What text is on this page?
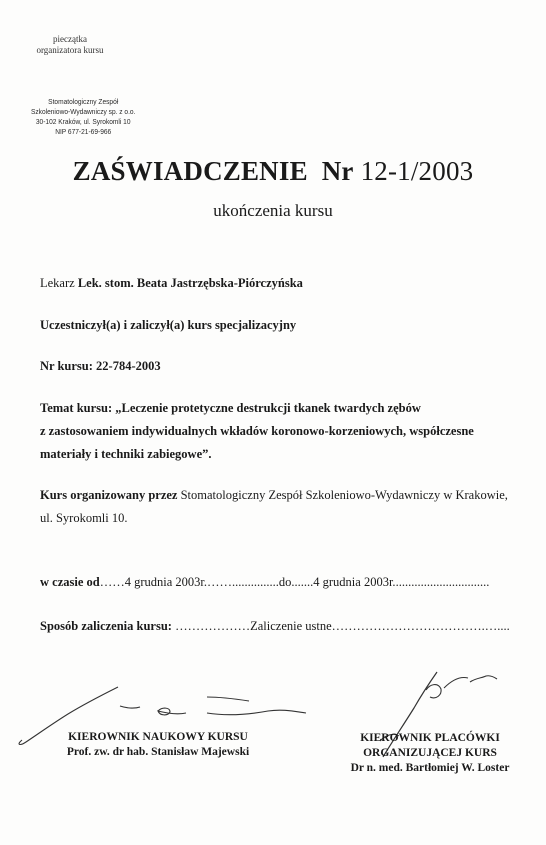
pieczątka
organizatora kursu
Stomatologiczny Zespół
Szkoleniowo-Wydawniczy sp. z o.o.
30-102 Kraków, ul. Syrokomli 10
NIP 677-21-69-966
ZAŚWIADCZENIE Nr 12-1/2003
ukończenia kursu
Lekarz Lek. stom. Beata Jastrzębska-Piórczyńska
Uczestniczył(a) i zaliczył(a) kurs specjalizacyjny
Nr kursu: 22-784-2003
Temat kursu: „Leczenie protetyczne destrukcji tkanek twardych zębów
z zastosowaniem indywidualnych wkładów koronowo-korzeniowych, współczesne
materiały i techniki zabiegowe”.
Kurs organizowany przez Stomatologiczny Zespół Szkoleniowo-Wydawniczy w Krakowie,
ul. Syrokomli 10.
w czasie od……4 grudnia 2003r.……...............do.......4 grudnia 2003r...............................
Sposób zaliczenia kursu: ………………Zaliczenie ustne……………………………….…....
KIEROWNIK NAUKOWY KURSU
Prof. zw. dr hab. Stanisław Majewski
KIEROWNIK PLACÓWKI
ORGANIZUJĄCEJ KURS
Dr n. med. Bartłomiej W. Loster
